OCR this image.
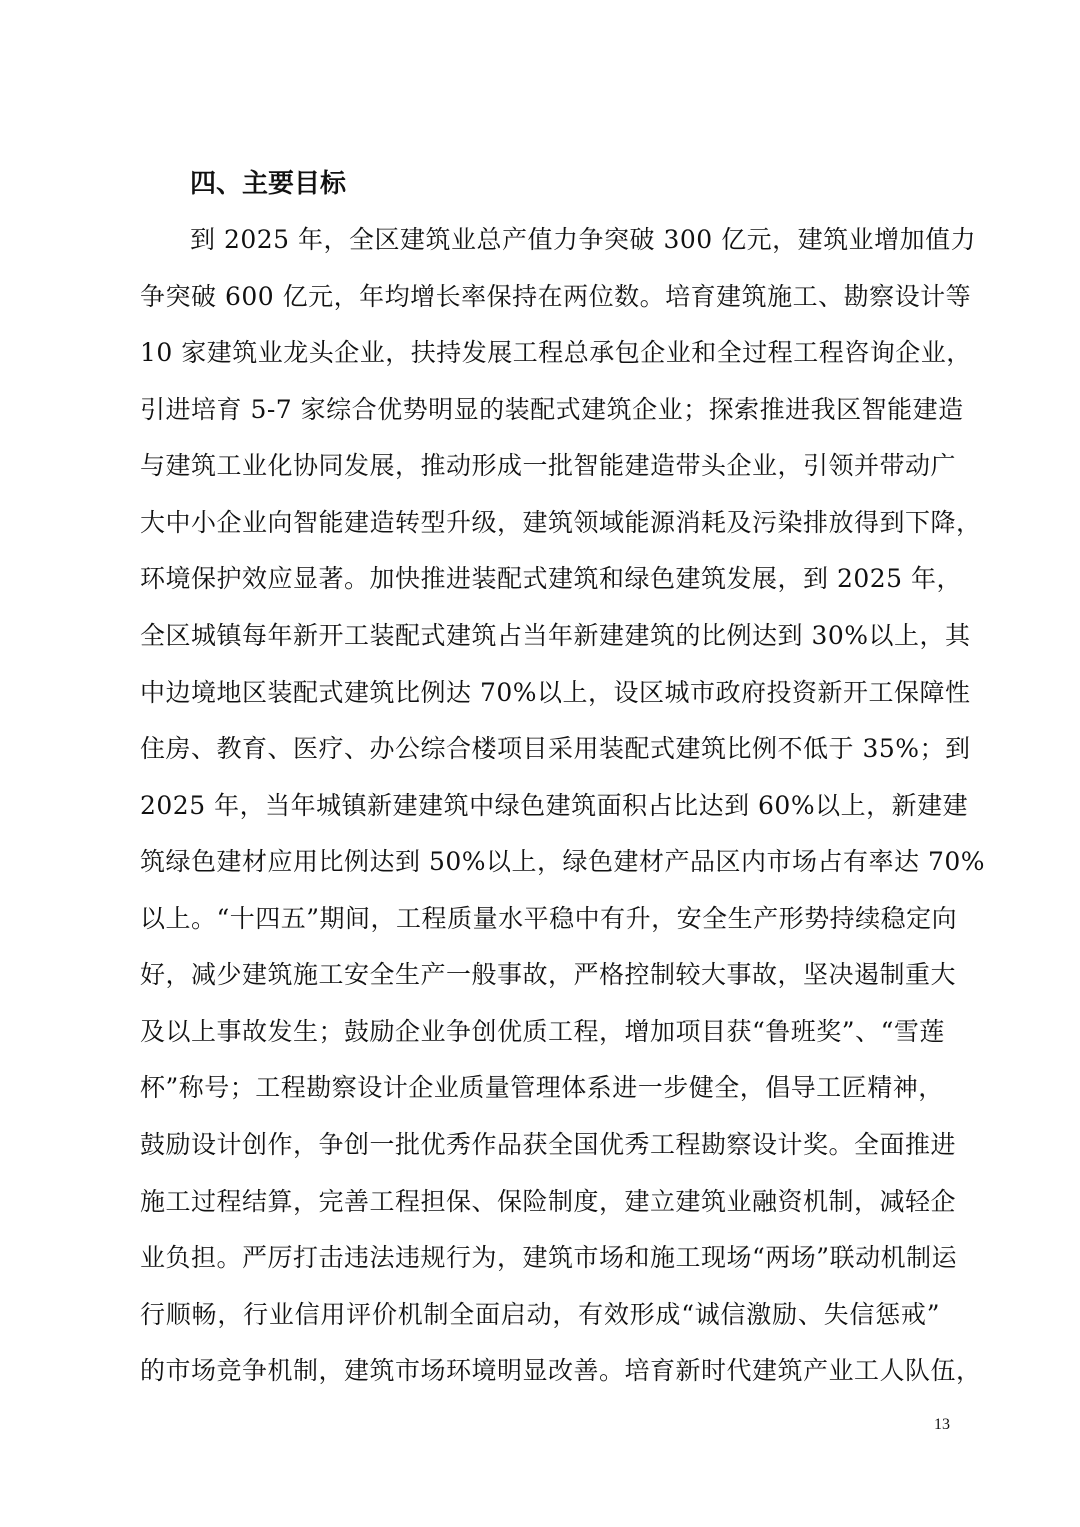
四、主要目标
到 2025 年，全区建筑业总产值力争突破 300 亿元，建筑业增加值力
争突破 600 亿元，年均增长率保持在两位数。培育建筑施工、勘察设计等
10 家建筑业龙头企业，扶持发展工程总承包企业和全过程工程咨询企业，
引进培育 5-7 家综合优势明显的装配式建筑企业；探索推进我区智能建造
与建筑工业化协同发展，推动形成一批智能建造带头企业，引领并带动广
大中小企业向智能建造转型升级，建筑领域能源消耗及污染排放得到下降，
环境保护效应显著。加快推进装配式建筑和绿色建筑发展，到 2025 年，
全区城镇每年新开工装配式建筑占当年新建建筑的比例达到 30%以上，其
中边境地区装配式建筑比例达 70%以上，设区城市政府投资新开工保障性
住房、教育、医疗、办公综合楼项目采用装配式建筑比例不低于 35%；到
2025 年，当年城镇新建建筑中绿色建筑面积占比达到 60%以上，新建建
筑绿色建材应用比例达到 50%以上，绿色建材产品区内市场占有率达 70%
以上。“十四五”期间，工程质量水平稳中有升，安全生产形势持续稳定向
好，减少建筑施工安全生产一般事故，严格控制较大事故，坚决遏制重大
及以上事故发生；鼓励企业争创优质工程，增加项目获“鲁班奖”、“雪莲
杯”称号；工程勘察设计企业质量管理体系进一步健全，倡导工匠精神，
鼓励设计创作，争创一批优秀作品获全国优秀工程勘察设计奖。全面推进
施工过程结算，完善工程担保、保险制度，建立建筑业融资机制，减轻企
业负担。严厉打击违法违规行为，建筑市场和施工现场“两场”联动机制运
行顺畅，行业信用评价机制全面启动，有效形成“诚信激励、失信惩戒”
的市场竞争机制，建筑市场环境明显改善。培育新时代建筑产业工人队伍，
13
